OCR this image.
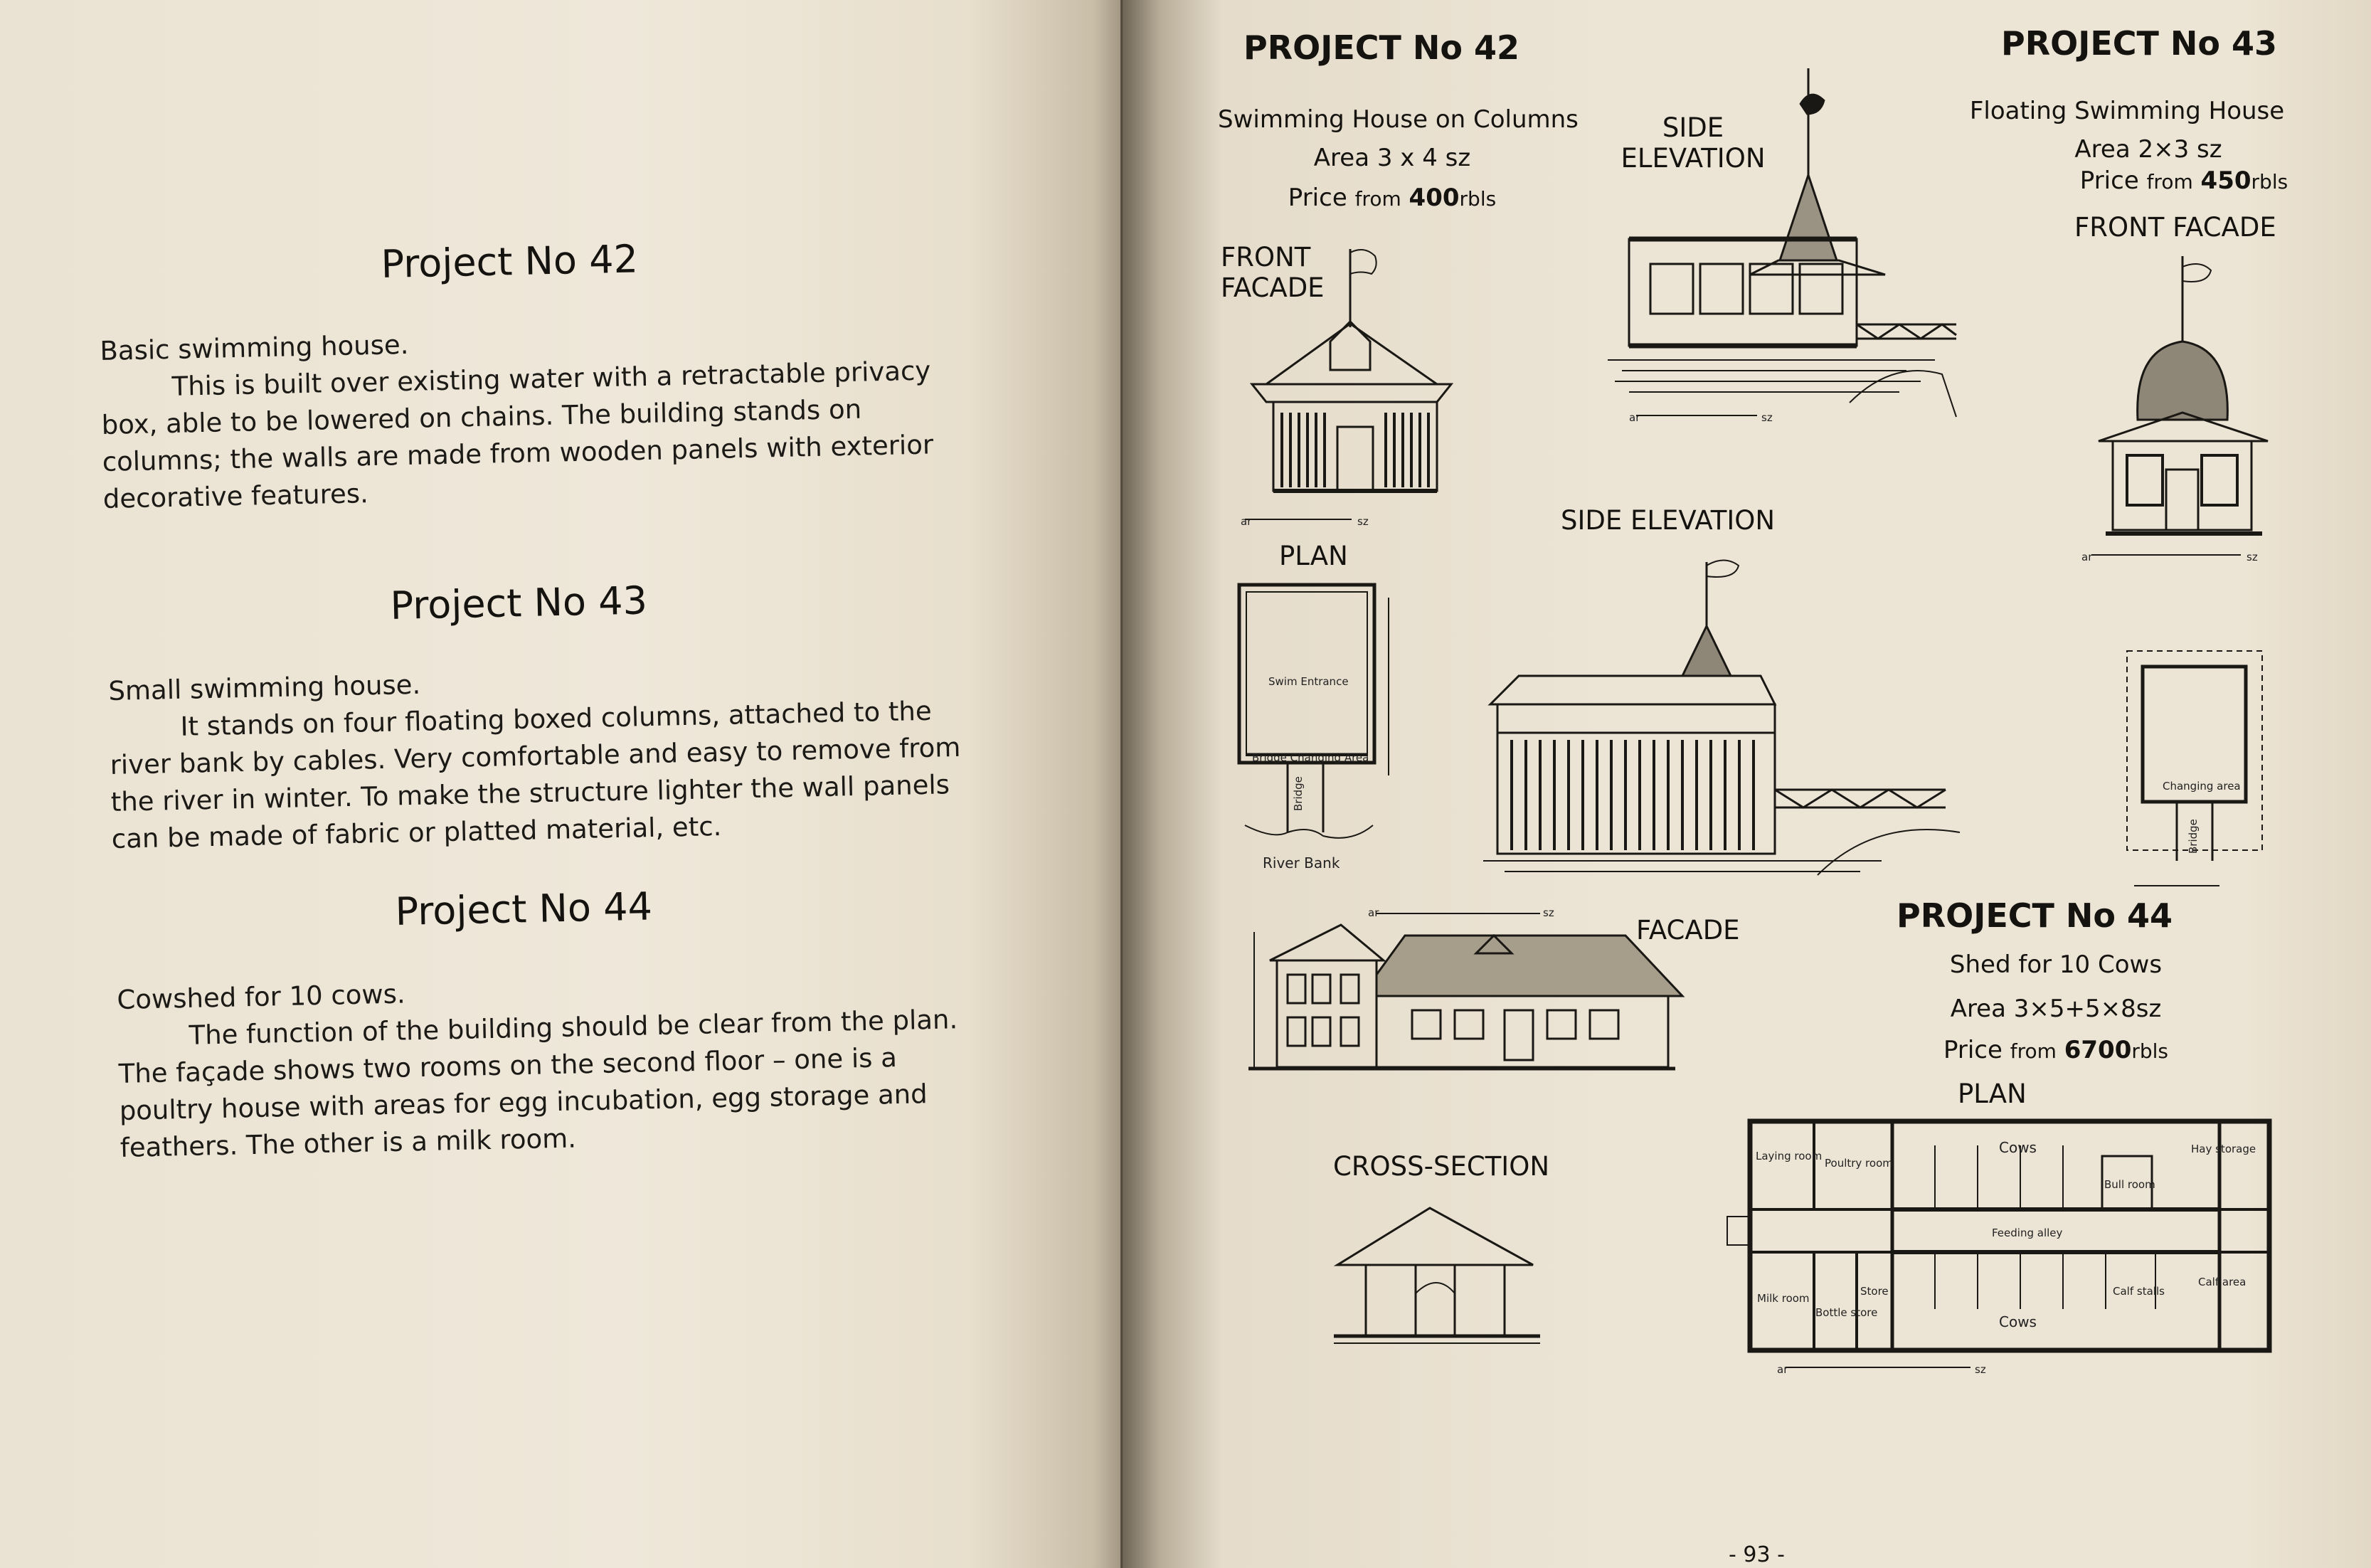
Project No 42

Basic swimming house.

This is built over existing water with a retractable privacy box, able to be lowered on chains. The building stands on columns; the walls are made from wooden panels with exterior decorative features.

Project No 43

Small swimming house.

It stands on four floating boxed columns, attached to the river bank by cables. Very comfortable and easy to remove from the river in winter. To make the structure lighter the wall panels can be made of fabric or platted material, etc.

Project No 44

Cowshed for 10 cows.

The function of the building should be clear from the plan. The façade shows two rooms on the second floor – one is a poultry house with areas for egg incubation, egg storage and feathers. The other is a milk room.

PROJECT No 42
Swimming House on Columns
Area 3 x 4 sz
Price from 400rbls
FRONT
FACADE
SIDE
ELEVATION
PLAN
PROJECT No 43
Floating Swimming House
Area 2×3 sz
Price from 450rbls
FRONT FACADE
SIDE ELEVATION
PROJECT No 44
Shed for 10 Cows
Area 3×5+5×8sz
Price from 6700rbls
PLAN
FACADE
CROSS-SECTION
- 93 -
ar	sz
ar	sz
Swim Entrance
Bridge Changing Area
Bridge
River Bank
ar	sz
Changing area
Bridge
ar	sz
Laying room
Poultry room
Cows
Bull room
Hay storage
Feeding alley
Milk room
Bottle store
Store	Calf stalls
Calf area
Cows
ar	sz
